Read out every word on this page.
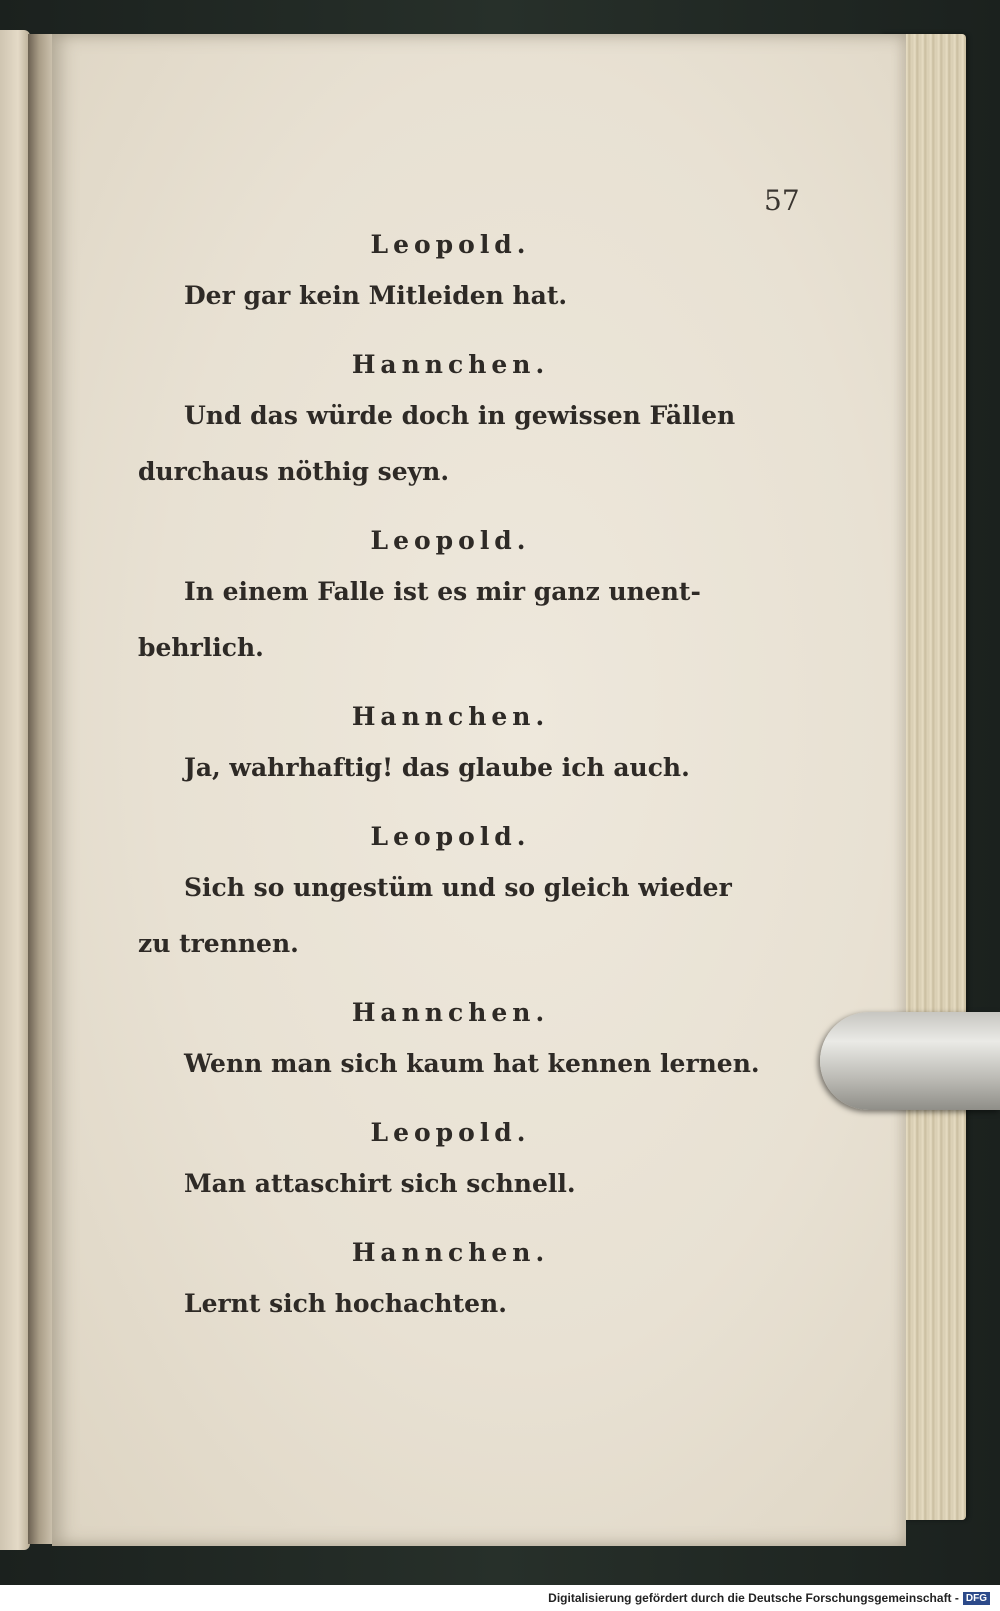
57
Leopold.
Der gar kein Mitleiden hat.
Hannchen.
Und das würde doch in gewissen Fällen
durchaus nöthig seyn.
Leopold.
In einem Falle ist es mir ganz unent-
behrlich.
Hannchen.
Ja, wahrhaftig! das glaube ich auch.
Leopold.
Sich so ungestüm und so gleich wieder
zu trennen.
Hannchen.
Wenn man sich kaum hat kennen lernen.
Leopold.
Man attaschirt sich schnell.
Hannchen.
Lernt sich hochachten.
Digitalisierung gefördert durch die Deutsche Forschungsgemeinschaft - DFG
